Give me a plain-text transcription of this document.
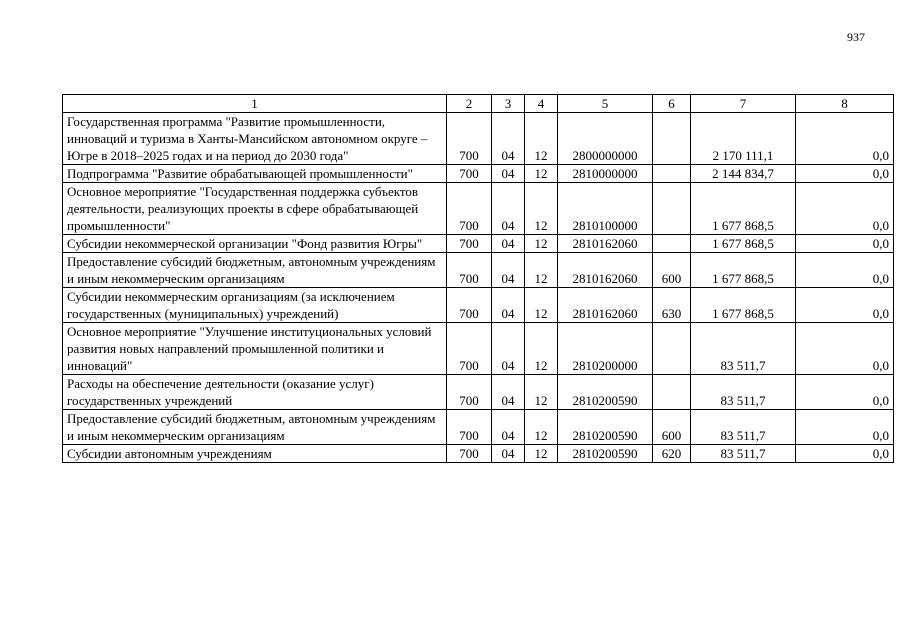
937
1	2	3	4	5	6	7	8
Государственная программа "Развитие промышленности, инноваций и туризма в Ханты-Мансийском автономном округе – Югре в 2018–2025 годах и на период до 2030 года"	700	04	12	2800000000		2 170 111,1	0,0
Подпрограмма "Развитие обрабатывающей промышленности"	700	04	12	2810000000		2 144 834,7	0,0
Основное мероприятие "Государственная поддержка субъектов деятельности, реализующих проекты в сфере обрабатывающей промышленности"	700	04	12	2810100000		1 677 868,5	0,0
Субсидии некоммерческой организации "Фонд развития Югры"	700	04	12	2810162060		1 677 868,5	0,0
Предоставление субсидий бюджетным, автономным учреждениям и иным некоммерческим организациям	700	04	12	2810162060	600	1 677 868,5	0,0
Субсидии некоммерческим организациям (за исключением государственных (муниципальных) учреждений)	700	04	12	2810162060	630	1 677 868,5	0,0
Основное мероприятие "Улучшение институциональных условий развития новых направлений промышленной политики и инноваций"	700	04	12	2810200000		83 511,7	0,0
Расходы на обеспечение деятельности (оказание услуг) государственных учреждений	700	04	12	2810200590		83 511,7	0,0
Предоставление субсидий бюджетным, автономным учреждениям и иным некоммерческим организациям	700	04	12	2810200590	600	83 511,7	0,0
Субсидии автономным учреждениям	700	04	12	2810200590	620	83 511,7	0,0
